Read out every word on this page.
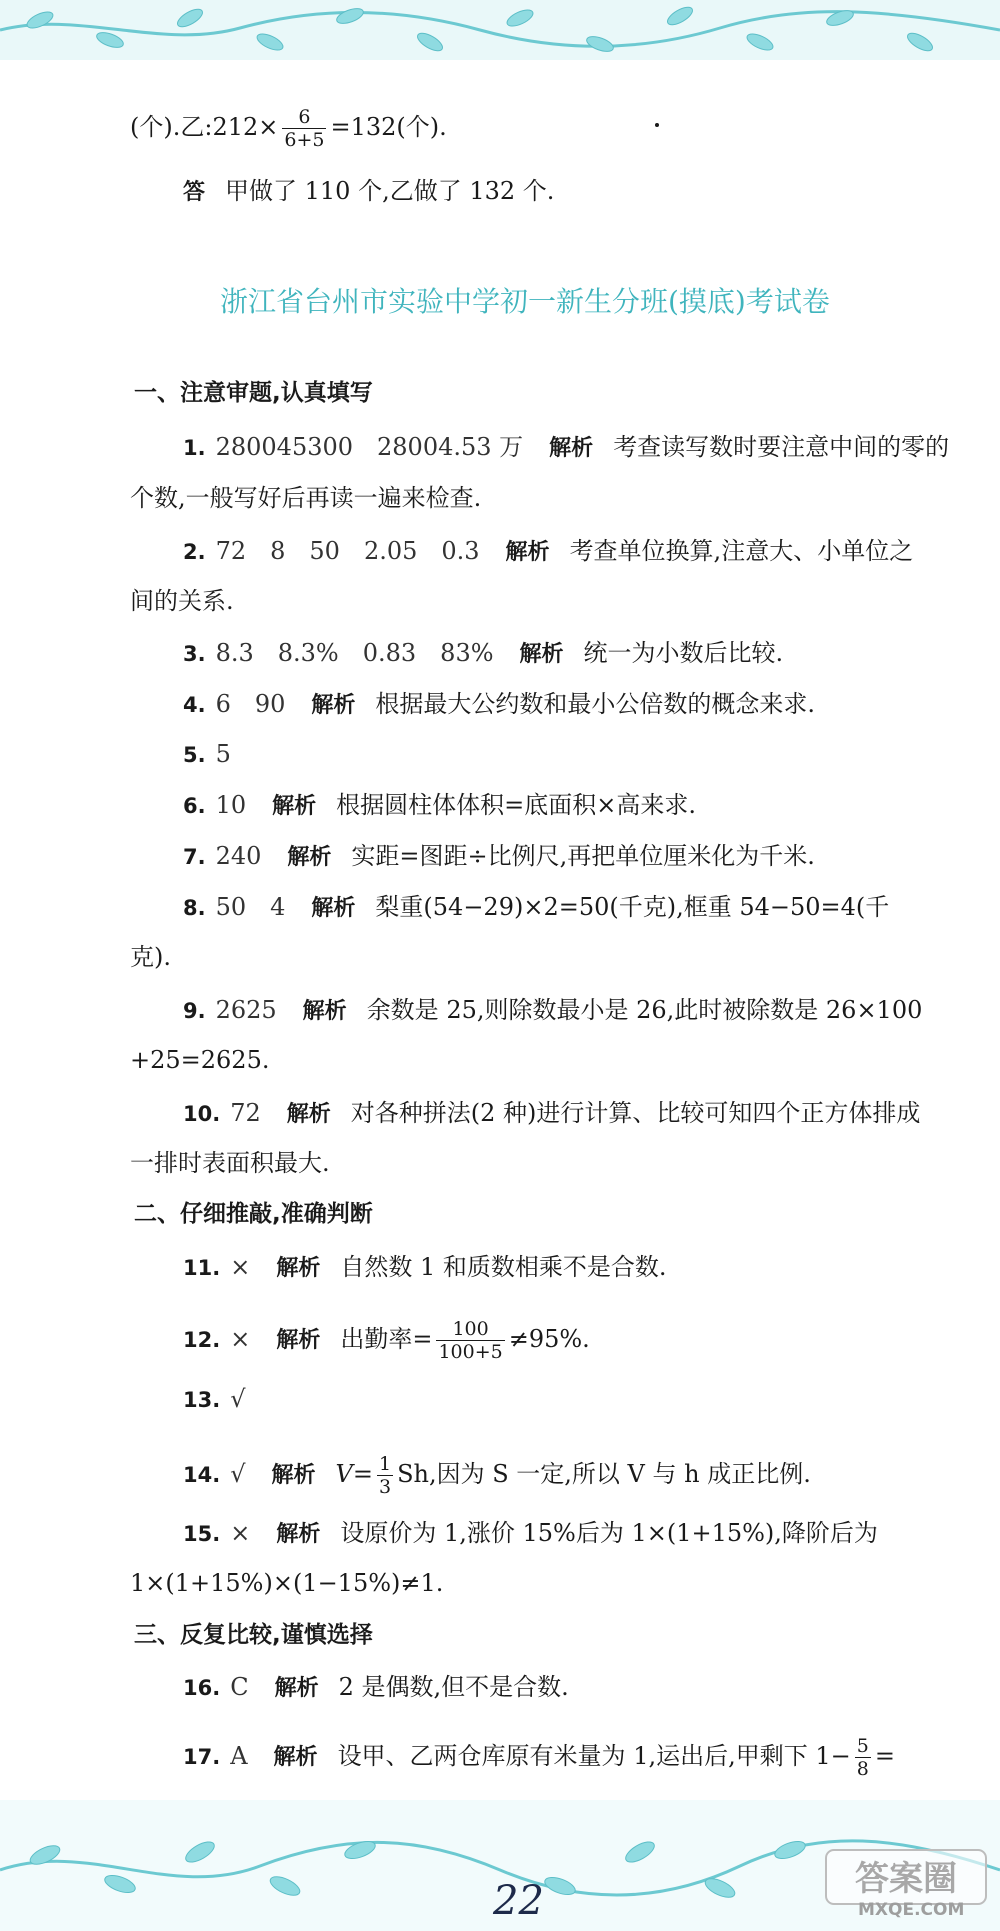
(个).乙:212× $\frac{6}{6+5} =132$(个).
答 甲做了 110 个,乙做了 132 个.
浙江省台州市实验中学初一新生分班(摸底)考试卷
一、注意审题,认真填写
1. 280045300　28004.53 万 解析 考查读写数时要注意中间的零的
个数,一般写好后再读一遍来检查.
2. 72　8　50　2.05　0.3 解析 考查单位换算,注意大、小单位之
间的关系.
3. 8.3　8.3%　0.83　83% 解析 统一为小数后比较.
4. 6　90 解析 根据最大公约数和最小公倍数的概念来求.
5. 5
6. 10 解析 根据圆柱体体积=底面积×高来求.
7. 240 解析 实距=图距÷比例尺,再把单位厘米化为千米.
8. 50　4 解析 梨重(54−29)×2=50(千克),框重 54−50=4(千
克).
9. 2625 解析 余数是 25,则除数最小是 26,此时被除数是 26×100
+25=2625.
10. 72 解析 对各种拼法(2 种)进行计算、比较可知四个正方体排成
一排时表面积最大.
二、仔细推敲,准确判断
11. × 解析 自然数 1 和质数相乘不是合数.
12. × 解析 出勤率= $\frac{100}{100+5} \ne 95\%$.
13. √
14. √ 解析 $V= \frac{1}{3} Sh$,因为 S 一定,所以 V 与 h 成正比例.
15. × 解析 设原价为 1,涨价 15%后为 1×(1+15%),降阶后为
1×(1+15%)×(1−15%)≠1.
三、反复比较,谨慎选择
16. C 解析 2 是偶数,但不是合数.
17. A 解析 设甲、乙两仓库原有米量为 1,运出后,甲剩下 $1- \frac{5}{8}$ =
22	答案圈
MXQE.COM
